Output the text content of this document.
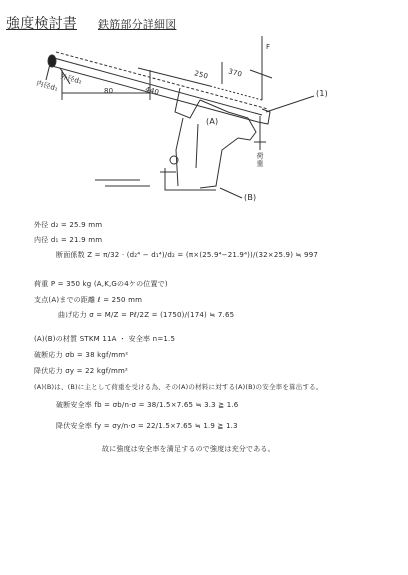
強度検討書 鉄筋部分詳細図
内径d₁
外径d₂
440
250	370
80
F
(A)
(1)
(B)
荷重
外径 d₂ = 25.9 mm
内径 d₁ = 21.9 mm
断面係数 Z = π/32 · (d₂⁴ − d₁⁴)/d₂ = (π×(25.9⁴−21.9⁴))/(32×25.9) ≒ 997
荷重 P = 350 kg (A,K,Gの4ケの位置で)
支点(A)までの距離 ℓ = 250 mm
曲げ応力 σ = M/Z = Pℓ/2Z = (1750)/(174) ≒ 7.65
(A)(B)の材質 STKM 11A ・ 安全率 n=1.5
破断応力 σb = 38 kgf/mm²
降伏応力 σy = 22 kgf/mm²
(A)(B)は、(B)に主として荷重を受ける為、その(A)の材料に対する(A)(B)の安全率を算出する。
破断安全率 fb = σb/n·σ = 38/1.5×7.65 ≒ 3.3 ≧ 1.6
降伏安全率 fy = σy/n·σ = 22/1.5×7.65 ≒ 1.9 ≧ 1.3
故に強度は安全率を満足するので強度は充分である。
